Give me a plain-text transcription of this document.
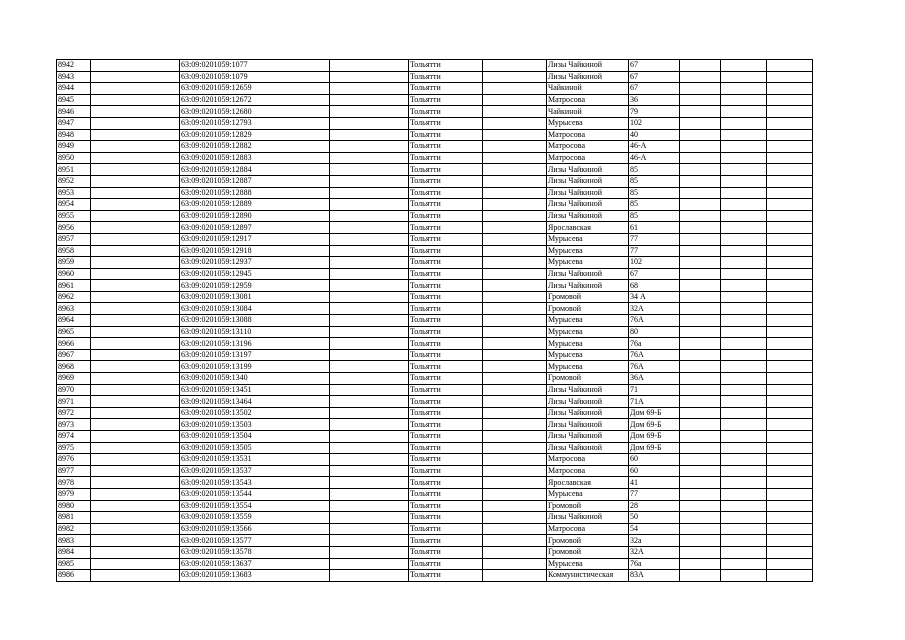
8942		63:09:0201059:1077		Тольятти		Лизы Чайкиной	67			
8943		63:09:0201059:1079		Тольятти		Лизы Чайкиной	67			
8944		63:09:0201059:12659		Тольятти		Чайкиной	67			
8945		63:09:0201059:12672		Тольятти		Матросова	36			
8946		63:09:0201059:12680		Тольятти		Чайкиной	79			
8947		63:09:0201059:12793		Тольятти		Мурысева	102			
8948		63:09:0201059:12829		Тольятти		Матросова	40			
8949		63:09:0201059:12882		Тольятти		Матросова	46-А			
8950		63:09:0201059:12883		Тольятти		Матросова	46-А			
8951		63:09:0201059:12884		Тольятти		Лизы Чайкиной	85			
8952		63:09:0201059:12887		Тольятти		Лизы Чайкиной	85			
8953		63:09:0201059:12888		Тольятти		Лизы Чайкиной	85			
8954		63:09:0201059:12889		Тольятти		Лизы Чайкиной	85			
8955		63:09:0201059:12890		Тольятти		Лизы Чайкиной	85			
8956		63:09:0201059:12897		Тольятти		Ярославская	61			
8957		63:09:0201059:12917		Тольятти		Мурысева	77			
8958		63:09:0201059:12918		Тольятти		Мурысева	77			
8959		63:09:0201059:12937		Тольятти		Мурысева	102			
8960		63:09:0201059:12945		Тольятти		Лизы Чайкиной	67			
8961		63:09:0201059:12959		Тольятти		Лизы Чайкиной	68			
8962		63:09:0201059:13081		Тольятти		Громовой	34 А			
8963		63:09:0201059:13084		Тольятти		Громовой	32А			
8964		63:09:0201059:13088		Тольятти		Мурысева	76А			
8965		63:09:0201059:13110		Тольятти		Мурысева	80			
8966		63:09:0201059:13196		Тольятти		Мурысева	76а			
8967		63:09:0201059:13197		Тольятти		Мурысева	76А			
8968		63:09:0201059:13199		Тольятти		Мурысева	76А			
8969		63:09:0201059:1340		Тольятти		Громовой	36А			
8970		63:09:0201059:13451		Тольятти		Лизы Чайкиной	71			
8971		63:09:0201059:13464		Тольятти		Лизы Чайкиной	71А			
8972		63:09:0201059:13502		Тольятти		Лизы Чайкиной	Дом 69-Б			
8973		63:09:0201059:13503		Тольятти		Лизы Чайкиной	Дом 69-Б			
8974		63:09:0201059:13504		Тольятти		Лизы Чайкиной	Дом 69-Б			
8975		63:09:0201059:13505		Тольятти		Лизы Чайкиной	Дом 69-Б			
8976		63:09:0201059:13531		Тольятти		Матросова	60			
8977		63:09:0201059:13537		Тольятти		Матросова	60			
8978		63:09:0201059:13543		Тольятти		Ярославская	41			
8979		63:09:0201059:13544		Тольятти		Мурысева	77			
8980		63:09:0201059:13554		Тольятти		Громовой	28			
8981		63:09:0201059:13559		Тольятти		Лизы Чайкиной	50			
8982		63:09:0201059:13566		Тольятти		Матросова	54			
8983		63:09:0201059:13577		Тольятти		Громовой	32а			
8984		63:09:0201059:13578		Тольятти		Громовой	32А			
8985		63:09:0201059:13637		Тольятти		Мурысева	76а			
8986		63:09:0201059:13683		Тольятти		Коммунистическая	83А			
